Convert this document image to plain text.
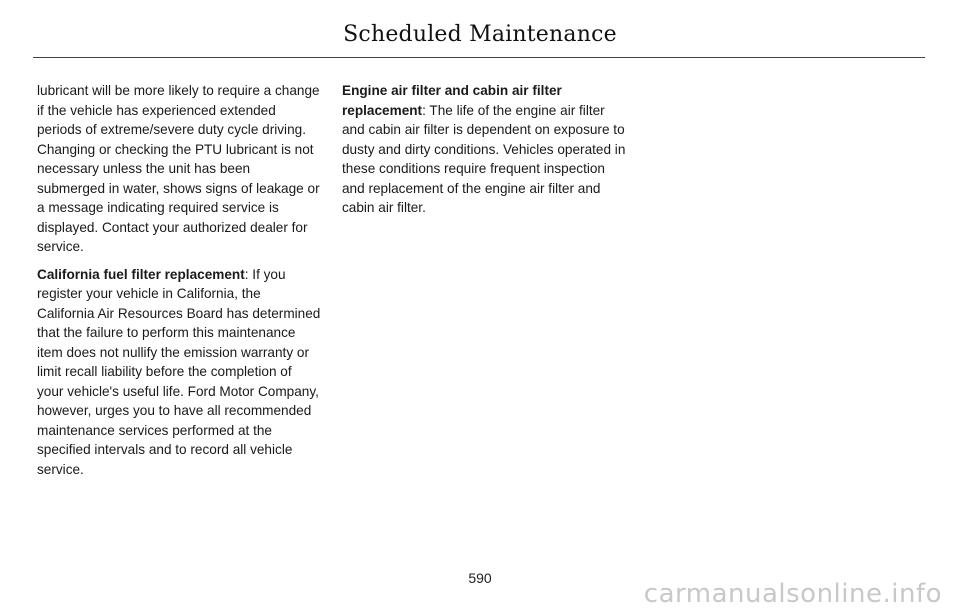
Scheduled Maintenance

lubricant will be more likely to require a change if the vehicle has experienced extended periods of extreme/severe duty cycle driving. Changing or checking the PTU lubricant is not necessary unless the unit has been submerged in water, shows signs of leakage or a message indicating required service is displayed. Contact your authorized dealer for service.

California fuel filter replacement: If you register your vehicle in California, the California Air Resources Board has determined that the failure to perform this maintenance item does not nullify the emission warranty or limit recall liability before the completion of your vehicle's useful life. Ford Motor Company, however, urges you to have all recommended maintenance services performed at the specified intervals and to record all vehicle service.

Engine air filter and cabin air filter replacement: The life of the engine air filter and cabin air filter is dependent on exposure to dusty and dirty conditions. Vehicles operated in these conditions require frequent inspection and replacement of the engine air filter and cabin air filter.

590
carmanualsonline.info
